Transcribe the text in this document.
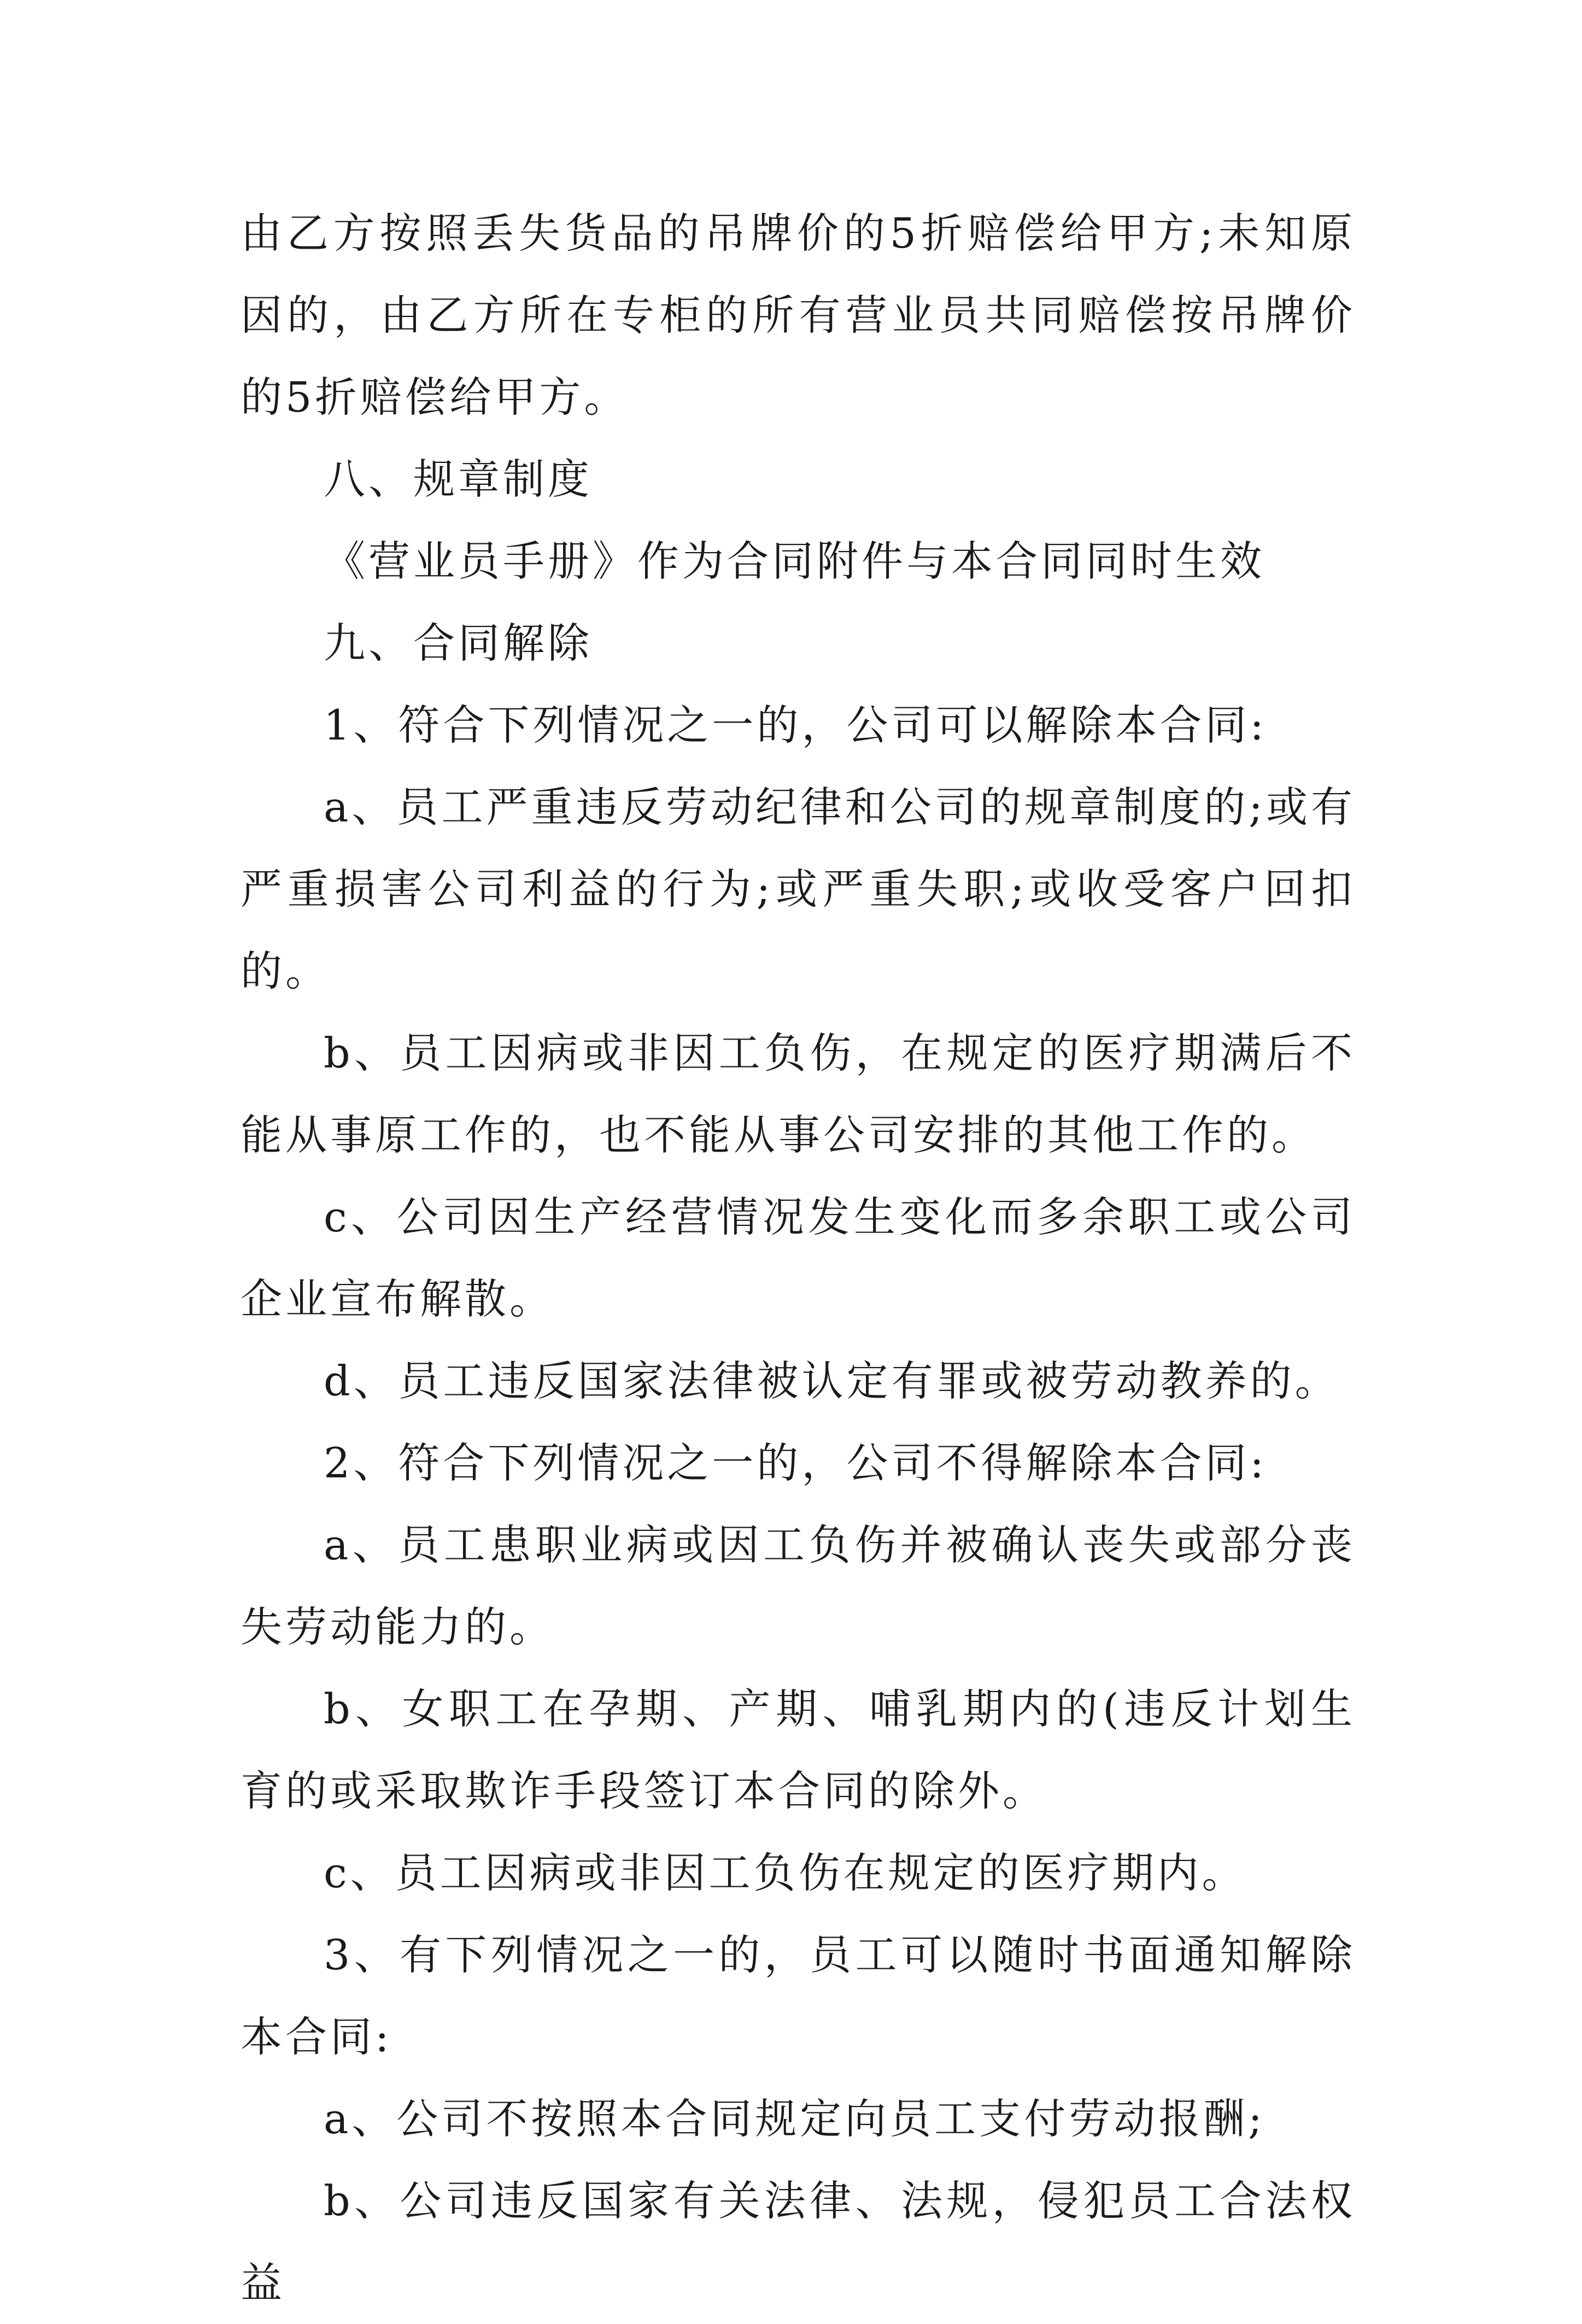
由乙方按照丢失货品的吊牌价的5折赔偿给甲方;未知原因的，由乙方所在专柜的所有营业员共同赔偿按吊牌价的5折赔偿给甲方。

八、规章制度

《营业员手册》作为合同附件与本合同同时生效

九、合同解除

1、符合下列情况之一的，公司可以解除本合同:

a、员工严重违反劳动纪律和公司的规章制度的;或有严重损害公司利益的行为;或严重失职;或收受客户回扣的。

b、员工因病或非因工负伤，在规定的医疗期满后不能从事原工作的，也不能从事公司安排的其他工作的。

c、公司因生产经营情况发生变化而多余职工或公司企业宣布解散。

d、员工违反国家法律被认定有罪或被劳动教养的。

2、符合下列情况之一的，公司不得解除本合同:

a、员工患职业病或因工负伤并被确认丧失或部分丧失劳动能力的。

b、女职工在孕期、产期、哺乳期内的(违反计划生育的或采取欺诈手段签订本合同的除外。

c、员工因病或非因工负伤在规定的医疗期内。

3、有下列情况之一的，员工可以随时书面通知解除本合同:

a、公司不按照本合同规定向员工支付劳动报酬;

b、公司违反国家有关法律、法规，侵犯员工合法权益
